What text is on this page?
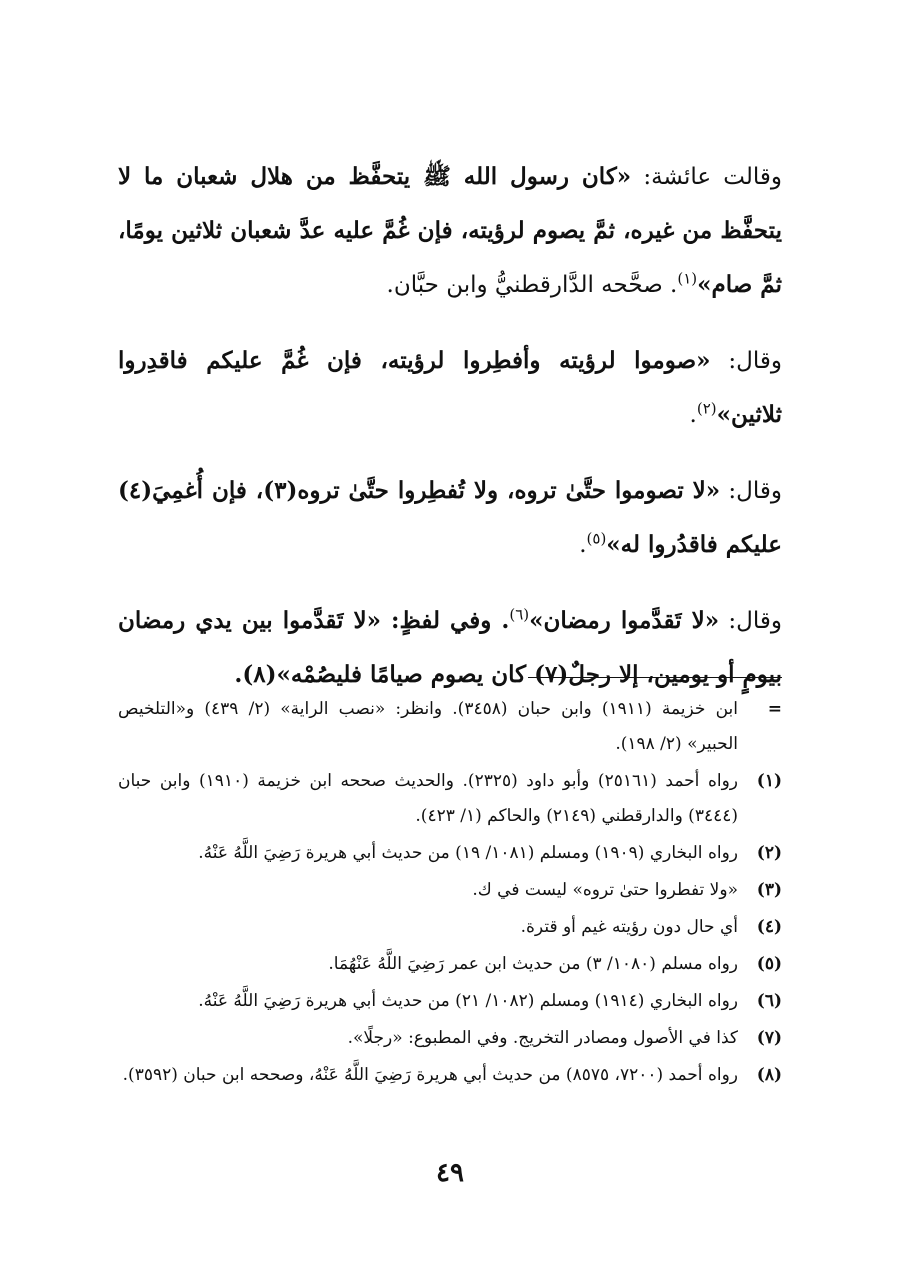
وقالت عائشة: «كان رسول الله ﷺ يتحفَّظ من هلال شعبان ما لا يتحفَّظ من غيره، ثمَّ يصوم لرؤيته، فإن غُمَّ عليه عدَّ شعبان ثلاثين يومًا، ثمَّ صام»$^{(١)}$. صحَّحه الدَّارقطنيُّ وابن حبَّان.

وقال: «صوموا لرؤيته وأفطِروا لرؤيته، فإن غُمَّ عليكم فاقدِروا ثلاثين»$^{(٢)}$.

وقال: «لا تصوموا حتَّىٰ تروه، ولا تُفطِروا حتَّىٰ تروه(٣)، فإن أُغمِيَ(٤) عليكم فاقدُروا له»$^{(٥)}$.

وقال: «لا تَقدَّموا رمضان»$^{(٦)}$. وفي لفظٍ: «لا تَقدَّموا بين يدي رمضان بيومٍ أو يومين، إلا رجلٌ(٧) كان يصوم صيامًا فليصُمْه»(٨).

=
ابن خزيمة (١٩١١) وابن حبان (٣٤٥٨). وانظر: «نصب الراية» (٢/ ٤٣٩) و«التلخيص الحبير» (٢/ ١٩٨).
(١)
رواه أحمد (٢٥١٦١) وأبو داود (٢٣٢٥). والحديث صححه ابن خزيمة (١٩١٠) وابن حبان (٣٤٤٤) والدارقطني (٢١٤٩) والحاكم (١/ ٤٢٣).
(٢)
رواه البخاري (١٩٠٩) ومسلم (١٠٨١/ ١٩) من حديث أبي هريرة رَضِيَ اللَّهُ عَنْهُ.
(٣)
«ولا تفطروا حتىٰ تروه» ليست في ك.
(٤)
أي حال دون رؤيته غيم أو قترة.
(٥)
رواه مسلم (١٠٨٠/ ٣) من حديث ابن عمر رَضِيَ اللَّهُ عَنْهُمَا.
(٦)
رواه البخاري (١٩١٤) ومسلم (١٠٨٢/ ٢١) من حديث أبي هريرة رَضِيَ اللَّهُ عَنْهُ.
(٧)
كذا في الأصول ومصادر التخريج. وفي المطبوع: «رجلًا».
(٨)
رواه أحمد (٧٢٠٠، ٨٥٧٥) من حديث أبي هريرة رَضِيَ اللَّهُ عَنْهُ، وصححه ابن حبان (٣٥٩٢).
٤٩
